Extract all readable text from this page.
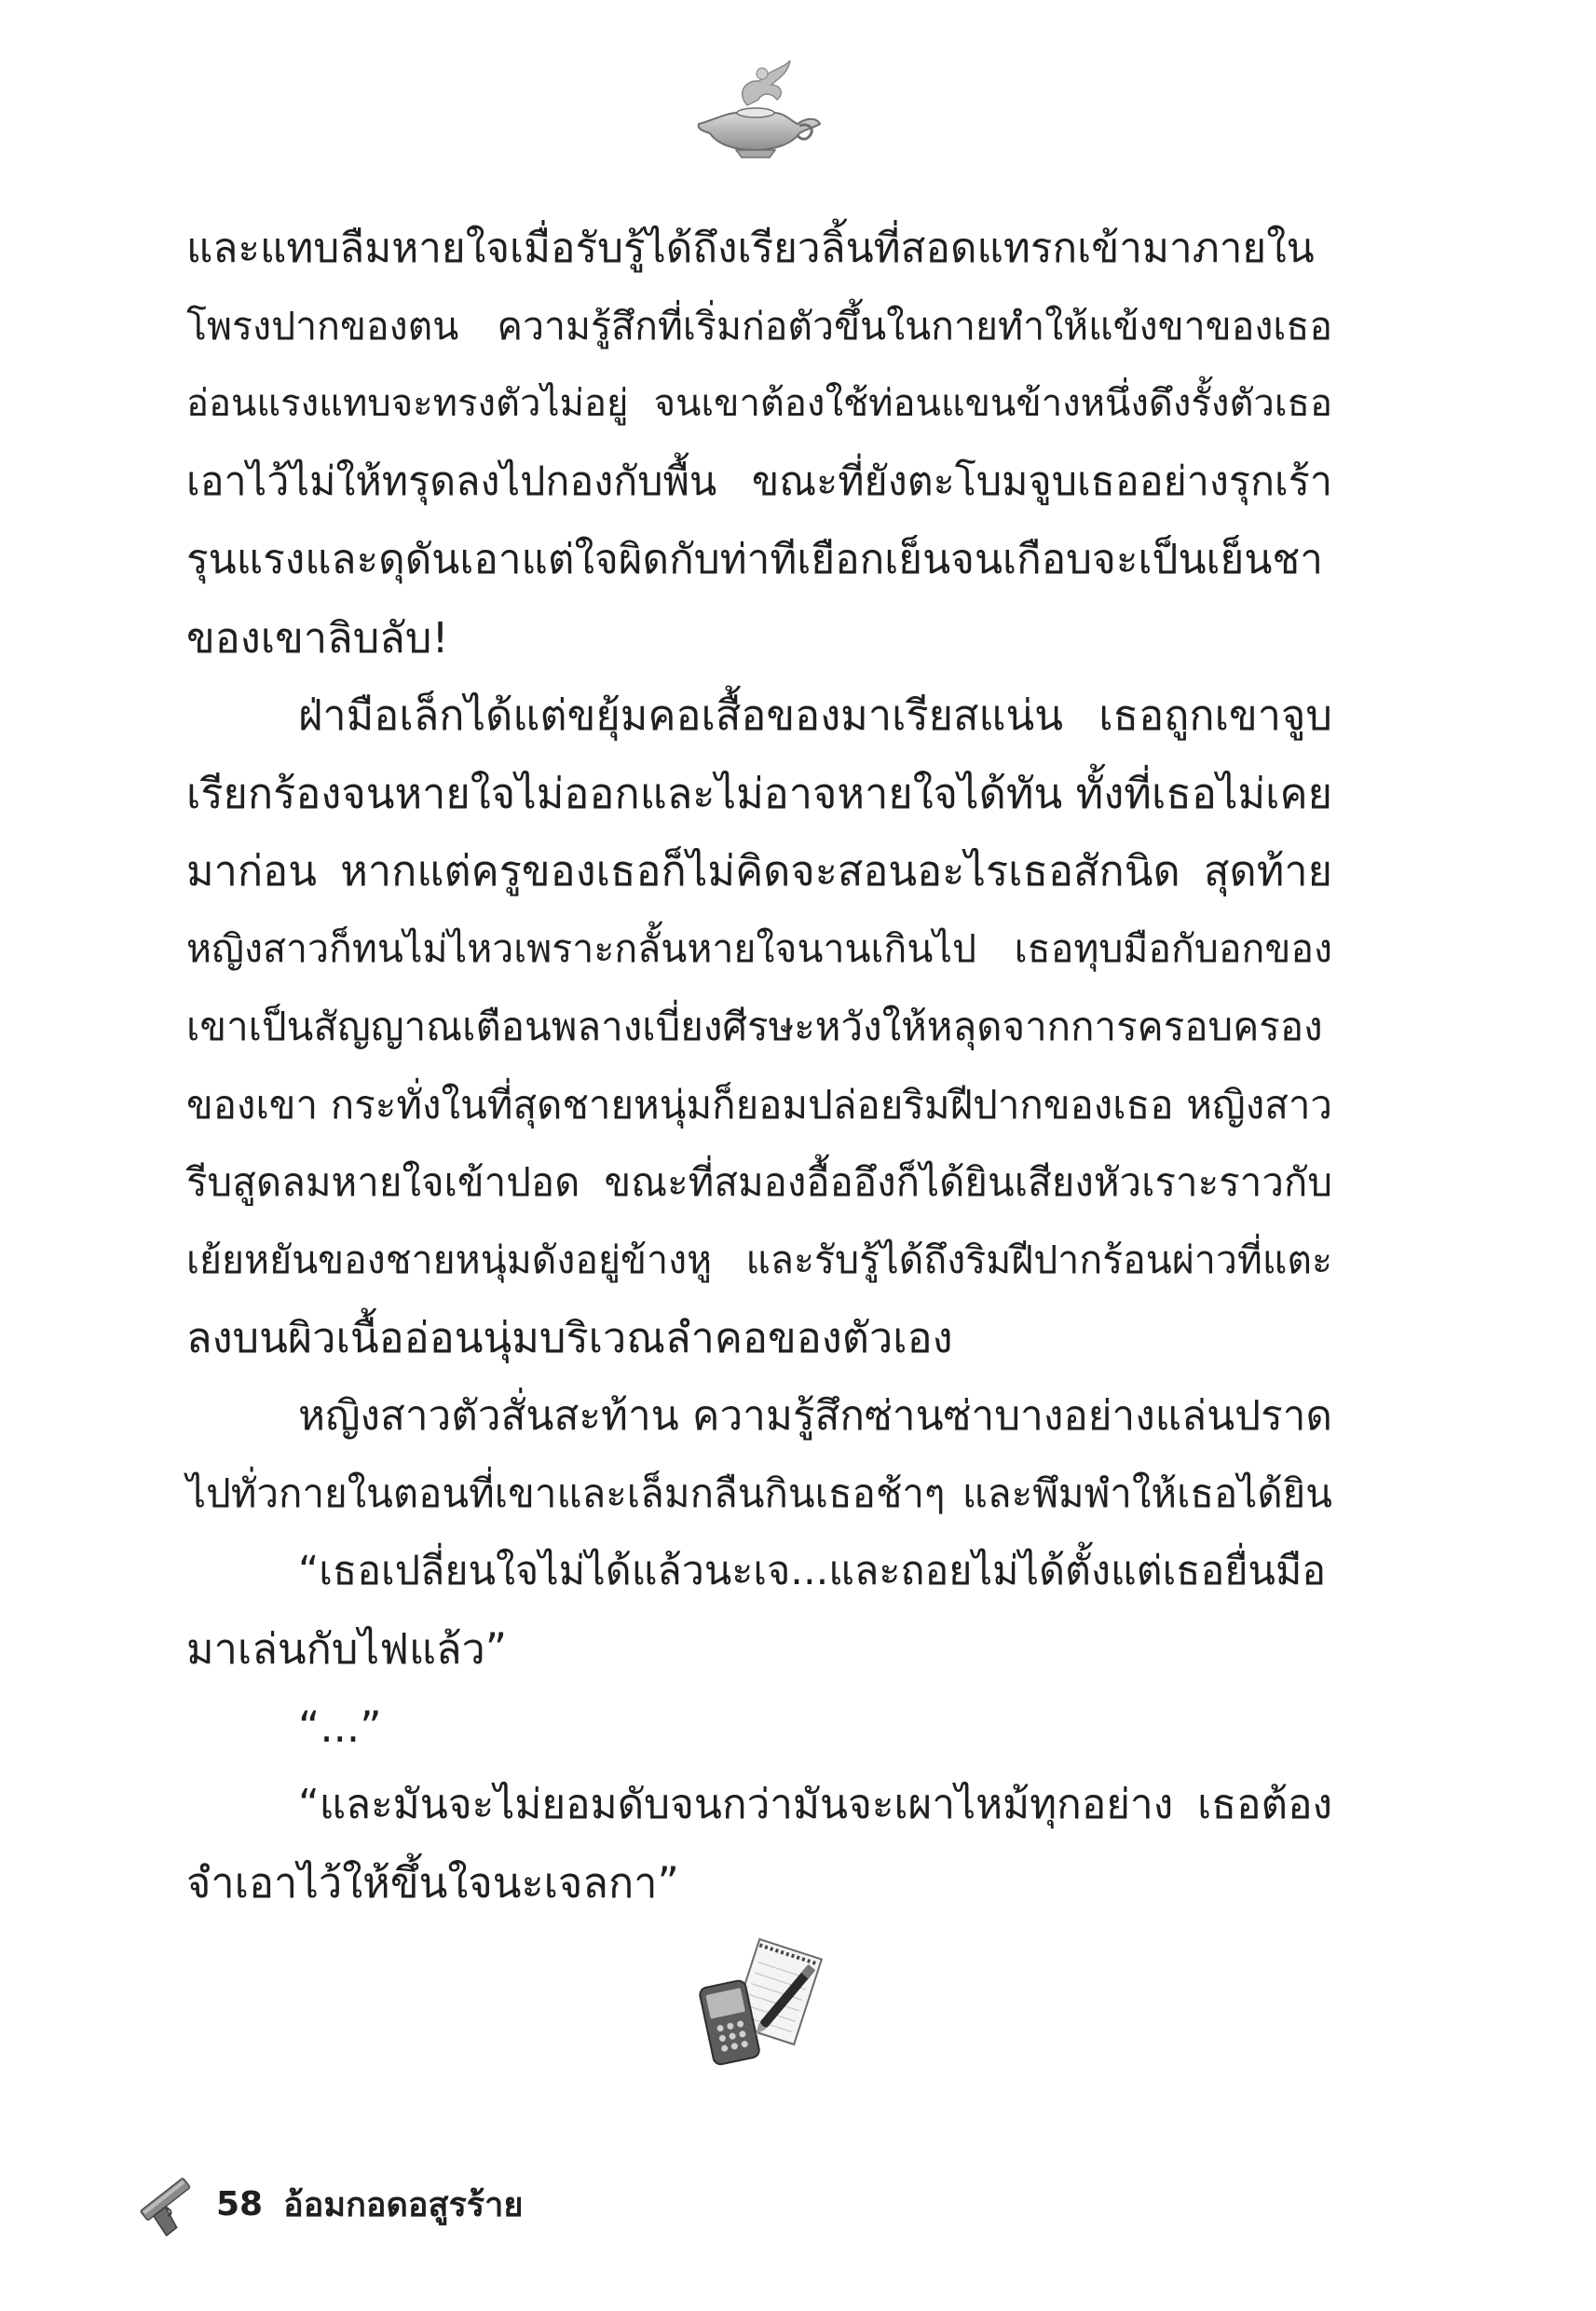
และแทบลืมหายใจเมื่อรับรู้ได้ถึงเรียวลิ้นที่สอดแทรกเข้ามาภายใน
โพรงปากของตน ความรู้สึกที่เริ่มก่อตัวขึ้นในกายทำให้แข้งขาของเธอ
อ่อนแรงแทบจะทรงตัวไม่อยู่ จนเขาต้องใช้ท่อนแขนข้างหนึ่งดึงรั้งตัวเธอ
เอาไว้ไม่ให้ทรุดลงไปกองกับพื้น ขณะที่ยังตะโบมจูบเธออย่างรุกเร้า
รุนแรงและดุดันเอาแต่ใจผิดกับท่าทีเยือกเย็นจนเกือบจะเป็นเย็นชา
ของเขาลิบลับ!
ฝ่ามือเล็กได้แต่ขยุ้มคอเสื้อของมาเรียสแน่น เธอถูกเขาจูบ
เรียกร้องจนหายใจไม่ออกและไม่อาจหายใจได้ทัน ทั้งที่เธอไม่เคย
มาก่อน หากแต่ครูของเธอก็ไม่คิดจะสอนอะไรเธอสักนิด สุดท้าย
หญิงสาวก็ทนไม่ไหวเพราะกลั้นหายใจนานเกินไป เธอทุบมือกับอกของ
เขาเป็นสัญญาณเตือนพลางเบี่ยงศีรษะหวังให้หลุดจากการครอบครอง
ของเขา กระทั่งในที่สุดชายหนุ่มก็ยอมปล่อยริมฝีปากของเธอ หญิงสาว
รีบสูดลมหายใจเข้าปอด ขณะที่สมองอื้ออึงก็ได้ยินเสียงหัวเราะราวกับ
เย้ยหยันของชายหนุ่มดังอยู่ข้างหู และรับรู้ได้ถึงริมฝีปากร้อนผ่าวที่แตะ
ลงบนผิวเนื้ออ่อนนุ่มบริเวณลำคอของตัวเอง
หญิงสาวตัวสั่นสะท้าน ความรู้สึกซ่านซ่าบางอย่างแล่นปราด
ไปทั่วกายในตอนที่เขาและเล็มกลืนกินเธอช้าๆ และพึมพำให้เธอได้ยิน
“เธอเปลี่ยนใจไม่ได้แล้วนะเจ...และถอยไม่ได้ตั้งแต่เธอยื่นมือ
มาเล่นกับไฟแล้ว”
“...”
“และมันจะไม่ยอมดับจนกว่ามันจะเผาไหม้ทุกอย่าง เธอต้อง
จำเอาไว้ให้ขึ้นใจนะเจลกา”
58 อ้อมกอดอสูรร้าย
